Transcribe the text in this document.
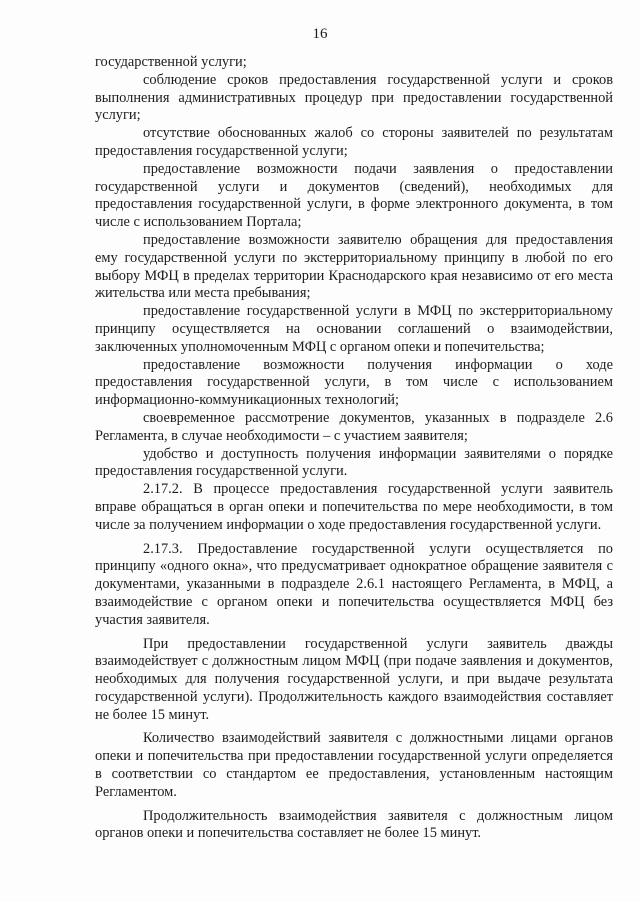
16

государственной услуги;

соблюдение сроков предоставления государственной услуги и сроков выполнения административных процедур при предоставлении государственной услуги;

отсутствие обоснованных жалоб со стороны заявителей по результатам предоставления государственной услуги;

предоставление возможности подачи заявления о предоставлении государственной услуги и документов (сведений), необходимых для предоставления государственной услуги, в форме электронного документа, в том числе с использованием Портала;

предоставление возможности заявителю обращения для предоставления ему государственной услуги по экстерриториальному принципу в любой по его выбору МФЦ в пределах территории Краснодарского края независимо от его места жительства или места пребывания;

предоставление государственной услуги в МФЦ по экстерриториальному принципу осуществляется на основании соглашений о взаимодействии, заключенных уполномоченным МФЦ с органом опеки и попечительства;

предоставление возможности получения информации о ходе предоставления государственной услуги, в том числе с использованием информационно-коммуникационных технологий;

своевременное рассмотрение документов, указанных в подразделе 2.6 Регламента, в случае необходимости – с участием заявителя;

удобство и доступность получения информации заявителями о порядке предоставления государственной услуги.

2.17.2. В процессе предоставления государственной услуги заявитель вправе обращаться в орган опеки и попечительства по мере необходимости, в том числе за получением информации о ходе предоставления государственной услуги.

2.17.3. Предоставление государственной услуги осуществляется по принципу «одного окна», что предусматривает однократное обращение заявителя с документами, указанными в подразделе 2.6.1 настоящего Регламента, в МФЦ, а взаимодействие с органом опеки и попечительства осуществляется МФЦ без участия заявителя.

При предоставлении государственной услуги заявитель дважды взаимодействует с должностным лицом МФЦ (при подаче заявления и документов, необходимых для получения государственной услуги, и при выдаче результата государственной услуги). Продолжительность каждого взаимодействия составляет не более 15 минут.

Количество взаимодействий заявителя с должностными лицами органов опеки и попечительства при предоставлении государственной услуги определяется в соответствии со стандартом ее предоставления, установленным настоящим Регламентом.

Продолжительность взаимодействия заявителя с должностным лицом органов опеки и попечительства составляет не более 15 минут.
